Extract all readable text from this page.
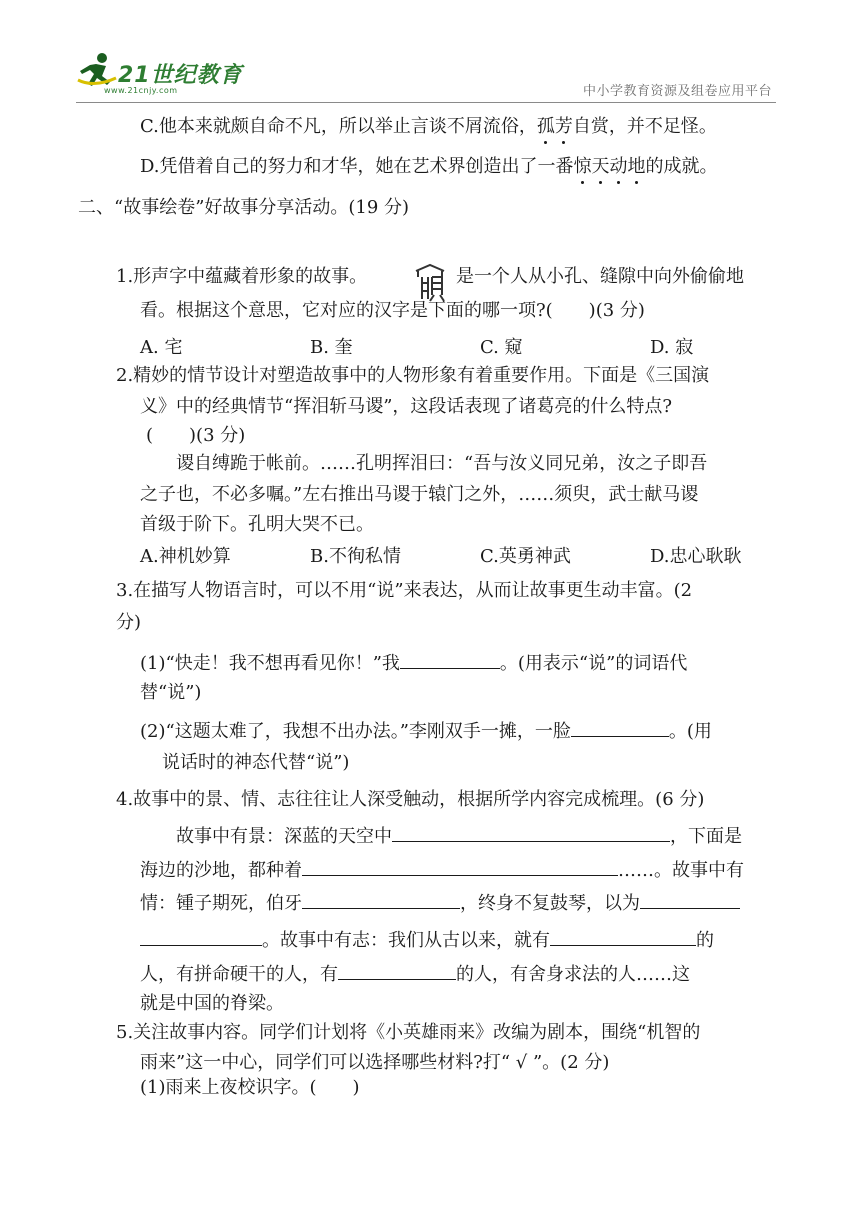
21世纪教育
www.21cnjy.com	中小学教育资源及组卷应用平台
C.他本来就颇自命不凡，所以举止言谈不屑流俗，孤芳自赏，并不足怪。
D.凭借着自己的努力和才华，她在艺术界创造出了一番惊天动地的成就。
二、“故事绘卷”好故事分享活动。(19 分)
1.形声字中蕴藏着形象的故事。	是一个人从小孔、缝隙中向外偷偷地
看。根据这个意思，它对应的汉字是下面的哪一项?(　　)(3 分)
A. 宅	B. 奎	C. 窥	D. 寂
2.精妙的情节设计对塑造故事中的人物形象有着重要作用。下面是《三国演
义》中的经典情节“挥泪斩马谡”，这段话表现了诸葛亮的什么特点?
(　　)(3 分)
谡自缚跪于帐前。……孔明挥泪曰：“吾与汝义同兄弟，汝之子即吾
之子也，不必多嘱。”左右推出马谡于辕门之外，……须臾，武士献马谡
首级于阶下。孔明大哭不已。
A.神机妙算	B.不徇私情	C.英勇神武	D.忠心耿耿
3.在描写人物语言时，可以不用“说”来表达，从而让故事更生动丰富。(2
分)
(1)“快走！我不想再看见你！”我	。(用表示“说”的词语代
替“说”)
(2)“这题太难了，我想不出办法。”李刚双手一摊，一脸	。(用
说话时的神态代替“说”)
4.故事中的景、情、志往往让人深受触动，根据所学内容完成梳理。(6 分)
故事中有景：深蓝的天空中	，下面是
海边的沙地，都种着	……。故事中有
情：锺子期死，伯牙	，终身不复鼓琴，以为
。故事中有志：我们从古以来，就有	的
人，有拼命硬干的人，有	的人，有舍身求法的人……这
就是中国的脊梁。
5.关注故事内容。同学们计划将《小英雄雨来》改编为剧本，围绕“机智的
雨来”这一中心，同学们可以选择哪些材料?打“ √ ”。(2 分)
(1)雨来上夜校识字。(　　)
